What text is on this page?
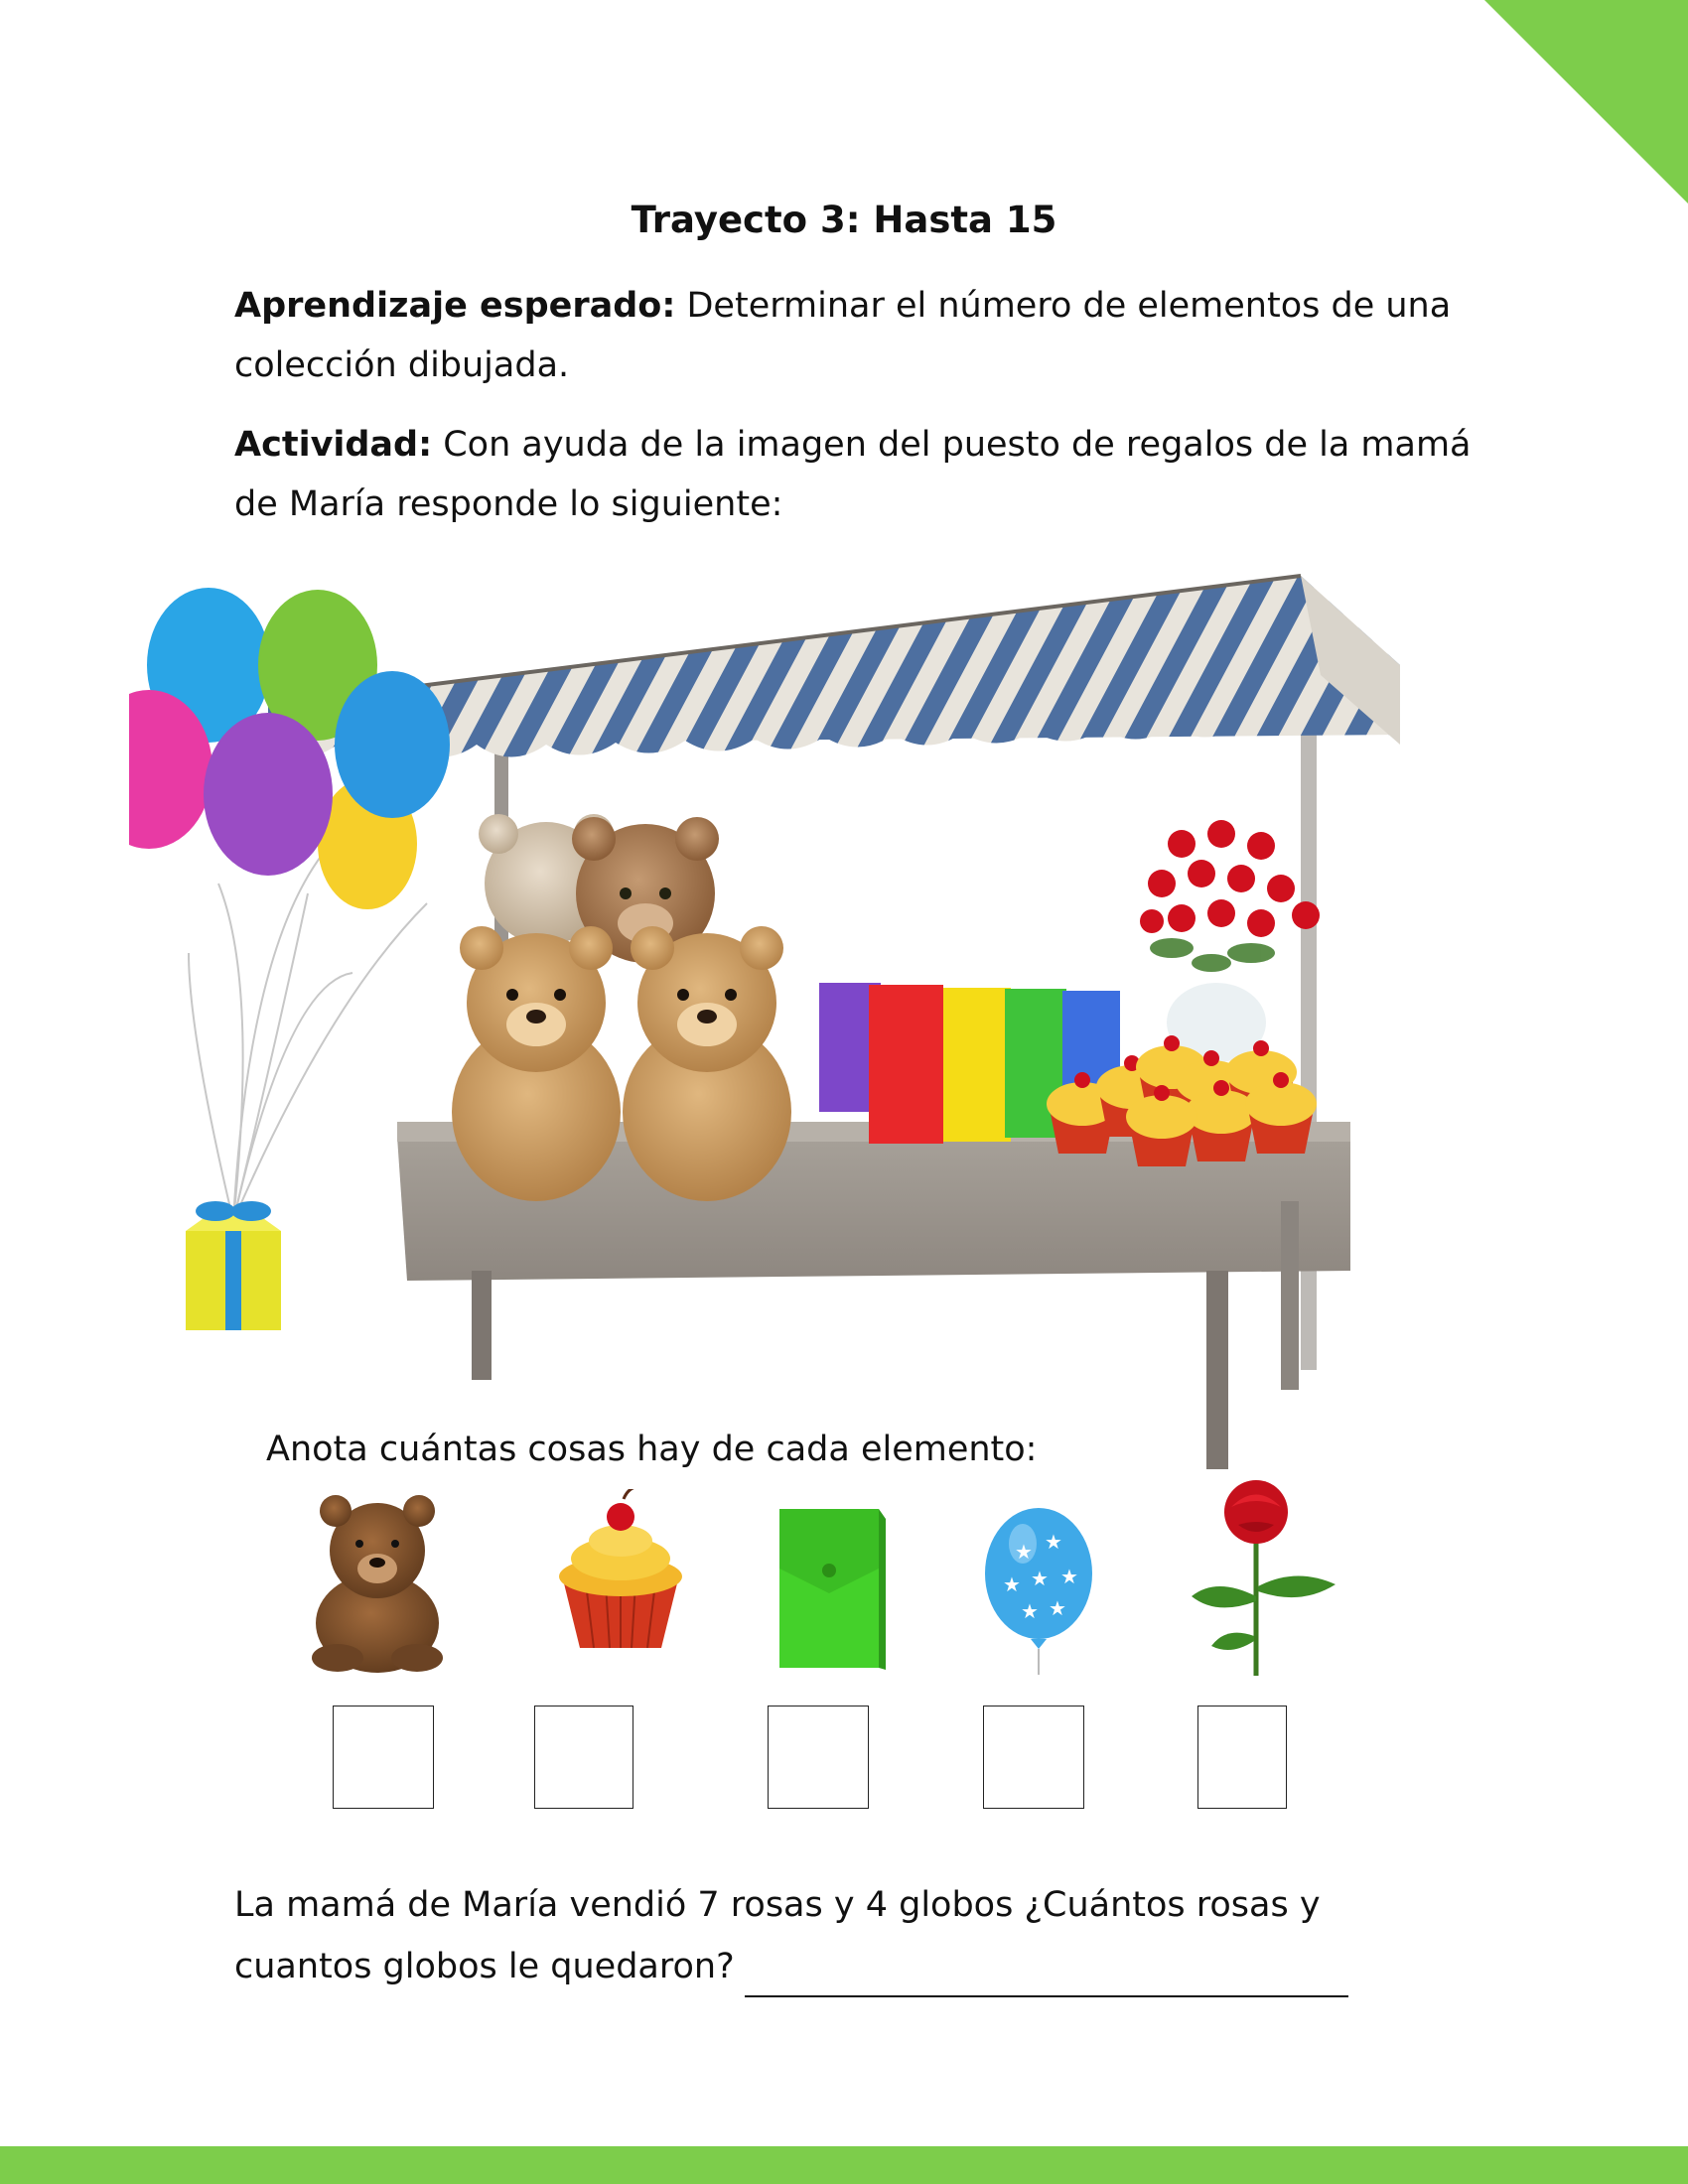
Trayecto 3: Hasta 15
Aprendizaje esperado: Determinar el número de elementos de una colección dibujada.
Actividad: Con ayuda de la imagen del puesto de regalos de la mamá de María responde lo siguiente:
Anota cuántas cosas hay de cada elemento:
★ ★
★ ★ ★
★ ★
La mamá de María vendió 7 rosas y 4 globos ¿Cuántos rosas y cuantos globos le quedaron?
